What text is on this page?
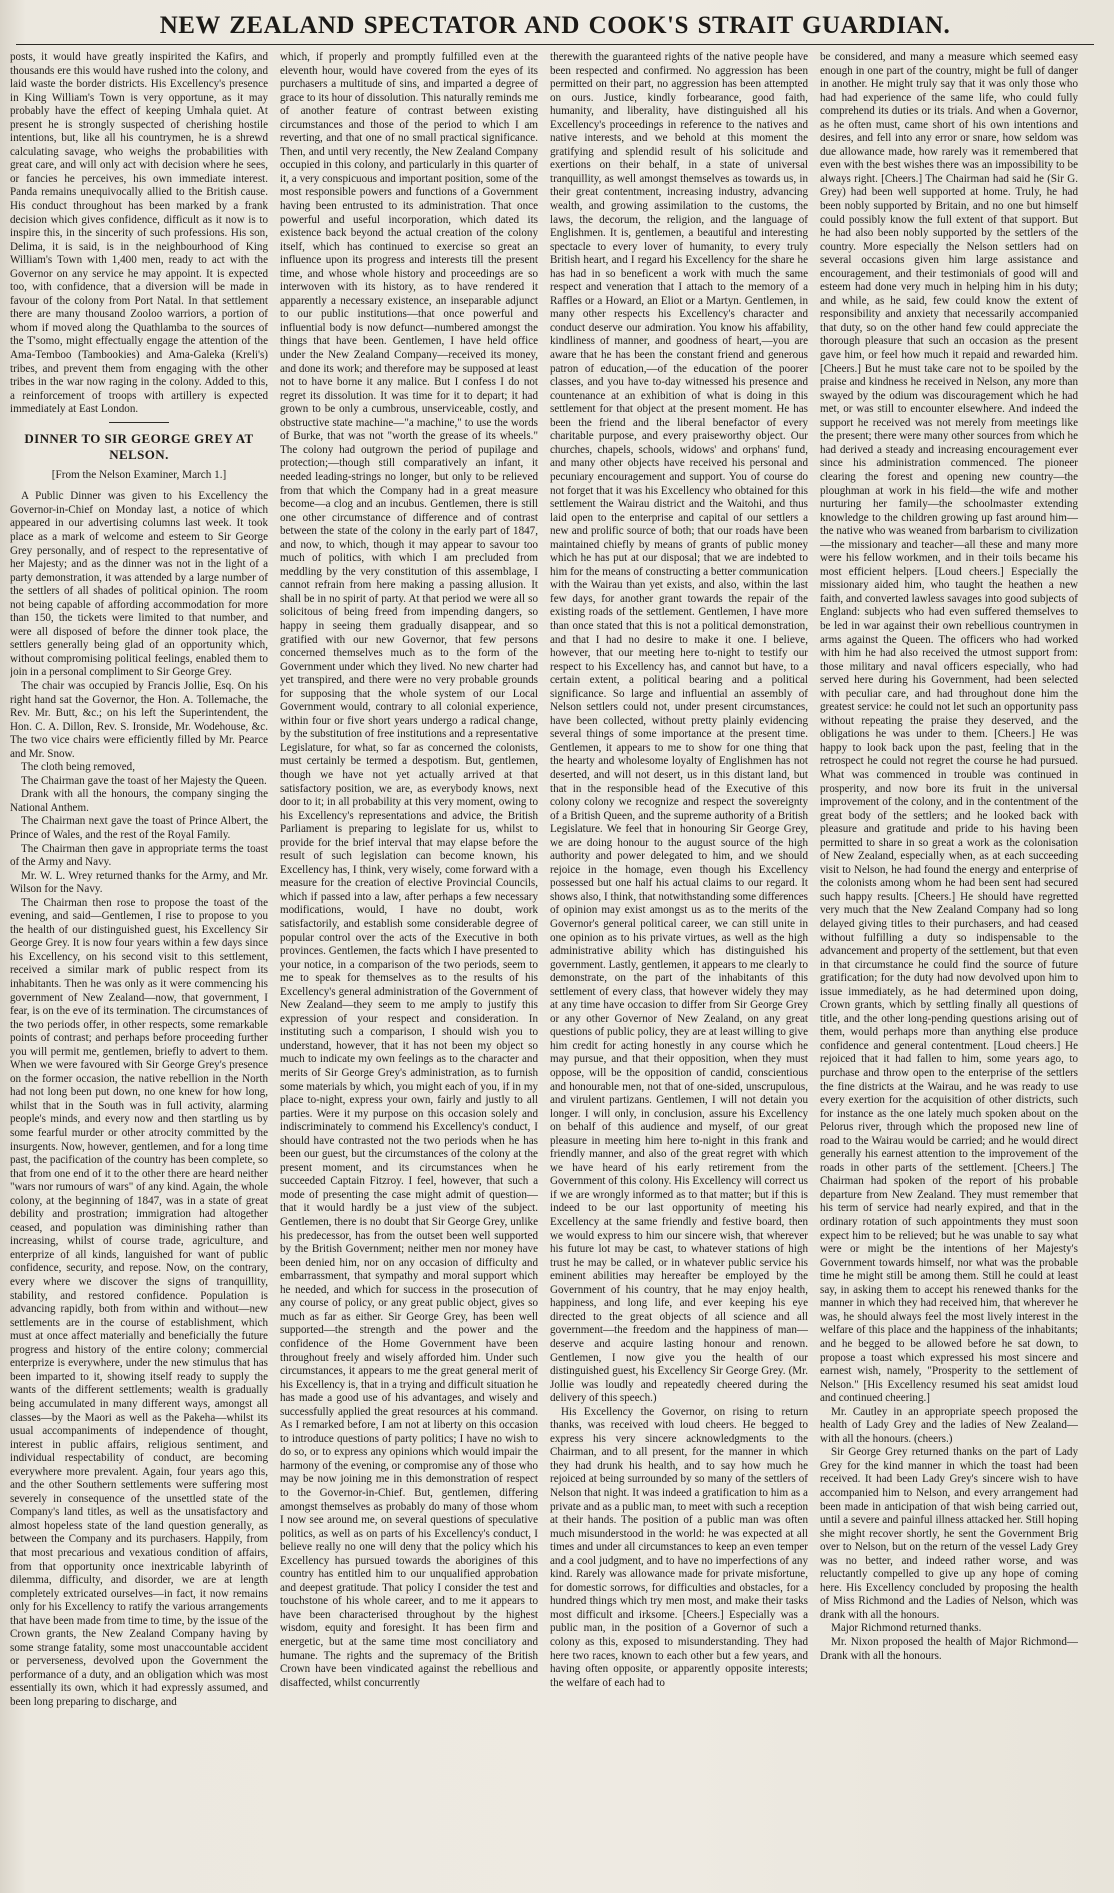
NEW ZEALAND SPECTATOR AND COOK'S STRAIT GUARDIAN.

posts, it would have greatly inspirited the Kafirs, and thousands ere this would have rushed into the colony, and laid waste the border districts. His Excellency's presence in King William's Town is very opportune, as it may probably have the effect of keeping Umhala quiet. At present he is strongly suspected of cherishing hostile intentions, but, like all his countrymen, he is a shrewd calculating savage, who weighs the probabilities with great care, and will only act with decision where he sees, or fancies he perceives, his own immediate interest. Panda remains unequivocally allied to the British cause. His conduct throughout has been marked by a frank decision which gives confidence, difficult as it now is to inspire this, in the sincerity of such professions. His son, Delima, it is said, is in the neighbourhood of King William's Town with 1,400 men, ready to act with the Governor on any service he may appoint. It is expected too, with confidence, that a diversion will be made in favour of the colony from Port Natal. In that settlement there are many thousand Zooloo warriors, a portion of whom if moved along the Quathlamba to the sources of the T'somo, might effectually engage the attention of the Ama-Temboo (Tambookies) and Ama-Galeka (Kreli's) tribes, and prevent them from engaging with the other tribes in the war now raging in the colony. Added to this, a reinforcement of troops with artillery is expected immediately at East London.

DINNER TO SIR GEORGE GREY AT NELSON.
[From the Nelson Examiner, March 1.]

A Public Dinner was given to his Excellency the Governor-in-Chief on Monday last, a notice of which appeared in our advertising columns last week. It took place as a mark of welcome and esteem to Sir George Grey personally, and of respect to the representative of her Majesty; and as the dinner was not in the light of a party demonstration, it was attended by a large number of the settlers of all shades of political opinion. The room not being capable of affording accommodation for more than 150, the tickets were limited to that number, and were all disposed of before the dinner took place, the settlers generally being glad of an opportunity which, without compromising political feelings, enabled them to join in a personal compliment to Sir George Grey.

The chair was occupied by Francis Jollie, Esq. On his right hand sat the Governor, the Hon. A. Tollemache, the Rev. Mr. Butt, &c.; on his left the Superintendent, the Hon. C. A. Dillon, Rev. S. Ironside, Mr. Wodehouse, &c. The two vice chairs were efficiently filled by Mr. Pearce and Mr. Snow.

The cloth being removed,

The Chairman gave the toast of her Majesty the Queen.

Drank with all the honours, the company singing the National Anthem.

The Chairman next gave the toast of Prince Albert, the Prince of Wales, and the rest of the Royal Family.

The Chairman then gave in appropriate terms the toast of the Army and Navy.

Mr. W. L. Wrey returned thanks for the Army, and Mr. Wilson for the Navy.

The Chairman then rose to propose the toast of the evening, and said—Gentlemen, I rise to propose to you the health of our distinguished guest, his Excellency Sir George Grey. It is now four years within a few days since his Excellency, on his second visit to this settlement, received a similar mark of public respect from its inhabitants. Then he was only as it were commencing his government of New Zealand—now, that government, I fear, is on the eve of its termination. The circumstances of the two periods offer, in other respects, some remarkable points of contrast; and perhaps before proceeding further you will permit me, gentlemen, briefly to advert to them. When we were favoured with Sir George Grey's presence on the former occasion, the native rebellion in the North had not long been put down, no one knew for how long, whilst that in the South was in full activity, alarming people's minds, and every now and then startling us by some fearful murder or other atrocity committed by the insurgents. Now, however, gentlemen, and for a long time past, the pacification of the country has been complete, so that from one end of it to the other there are heard neither "wars nor rumours of wars" of any kind. Again, the whole colony, at the beginning of 1847, was in a state of great debility and prostration; immigration had altogether ceased, and population was diminishing rather than increasing, whilst of course trade, agriculture, and enterprize of all kinds, languished for want of public confidence, security, and repose. Now, on the contrary, every where we discover the signs of tranquillity, stability, and restored confidence. Population is advancing rapidly, both from within and without—new settlements are in the course of establishment, which must at once affect materially and beneficially the future progress and history of the entire colony; commercial enterprize is everywhere, under the new stimulus that has been imparted to it, showing itself ready to supply the wants of the different settlements; wealth is gradually being accumulated in many different ways, amongst all classes—by the Maori as well as the Pakeha—whilst its usual accompaniments of independence of thought, interest in public affairs, religious sentiment, and individual respectability of conduct, are becoming everywhere more prevalent. Again, four years ago this, and the other Southern settlements were suffering most severely in consequence of the unsettled state of the Company's land titles, as well as the unsatisfactory and almost hopeless state of the land question generally, as between the Company and its purchasers. Happily, from that most precarious and vexatious condition of affairs, from that opportunity once inextricable labyrinth of dilemma, difficulty, and disorder, we are at length completely extricated ourselves—in fact, it now remains only for his Excellency to ratify the various arrangements that have been made from time to time, by the issue of the Crown grants, the New Zealand Company having by some strange fatality, some most unaccountable accident or perverseness, devolved upon the Government the performance of a duty, and an obligation which was most essentially its own, which it had expressly assumed, and been long preparing to discharge, and

which, if properly and promptly fulfilled even at the eleventh hour, would have covered from the eyes of its purchasers a multitude of sins, and imparted a degree of grace to its hour of dissolution. This naturally reminds me of another feature of contrast between existing circumstances and those of the period to which I am reverting, and that one of no small practical significance. Then, and until very recently, the New Zealand Company occupied in this colony, and particularly in this quarter of it, a very conspicuous and important position, some of the most responsible powers and functions of a Government having been entrusted to its administration. That once powerful and useful incorporation, which dated its existence back beyond the actual creation of the colony itself, which has continued to exercise so great an influence upon its progress and interests till the present time, and whose whole history and proceedings are so interwoven with its history, as to have rendered it apparently a necessary existence, an inseparable adjunct to our public institutions—that once powerful and influential body is now defunct—numbered amongst the things that have been. Gentlemen, I have held office under the New Zealand Company—received its money, and done its work; and therefore may be supposed at least not to have borne it any malice. But I confess I do not regret its dissolution. It was time for it to depart; it had grown to be only a cumbrous, unserviceable, costly, and obstructive state machine—"a machine," to use the words of Burke, that was not "worth the grease of its wheels." The colony had outgrown the period of pupilage and protection;—though still comparatively an infant, it needed leading-strings no longer, but only to be relieved from that which the Company had in a great measure become—a clog and an incubus. Gentlemen, there is still one other circumstance of difference and of contrast between the state of the colony in the early part of 1847, and now, to which, though it may appear to savour too much of politics, with which I am precluded from meddling by the very constitution of this assemblage, I cannot refrain from here making a passing allusion. It shall be in no spirit of party. At that period we were all so solicitous of being freed from impending dangers, so happy in seeing them gradually disappear, and so gratified with our new Governor, that few persons concerned themselves much as to the form of the Government under which they lived. No new charter had yet transpired, and there were no very probable grounds for supposing that the whole system of our Local Government would, contrary to all colonial experience, within four or five short years undergo a radical change, by the substitution of free institutions and a representative Legislature, for what, so far as concerned the colonists, must certainly be termed a despotism. But, gentlemen, though we have not yet actually arrived at that satisfactory position, we are, as everybody knows, next door to it; in all probability at this very moment, owing to his Excellency's representations and advice, the British Parliament is preparing to legislate for us, whilst to provide for the brief interval that may elapse before the result of such legislation can become known, his Excellency has, I think, very wisely, come forward with a measure for the creation of elective Provincial Councils, which if passed into a law, after perhaps a few necessary modifications, would, I have no doubt, work satisfactorily, and establish some considerable degree of popular control over the acts of the Executive in both provinces. Gentlemen, the facts which I have presented to your notice, in a comparison of the two periods, seem to me to speak for themselves as to the results of his Excellency's general administration of the Government of New Zealand—they seem to me amply to justify this expression of your respect and consideration. In instituting such a comparison, I should wish you to understand, however, that it has not been my object so much to indicate my own feelings as to the character and merits of Sir George Grey's administration, as to furnish some materials by which, you might each of you, if in my place to-night, express your own, fairly and justly to all parties. Were it my purpose on this occasion solely and indiscriminately to commend his Excellency's conduct, I should have contrasted not the two periods when he has been our guest, but the circumstances of the colony at the present moment, and its circumstances when he succeeded Captain Fitzroy. I feel, however, that such a mode of presenting the case might admit of question—that it would hardly be a just view of the subject. Gentlemen, there is no doubt that Sir George Grey, unlike his predecessor, has from the outset been well supported by the British Government; neither men nor money have been denied him, nor on any occasion of difficulty and embarrassment, that sympathy and moral support which he needed, and which for success in the prosecution of any course of policy, or any great public object, gives so much as far as either. Sir George Grey, has been well supported—the strength and the power and the confidence of the Home Government have been throughout freely and wisely afforded him. Under such circumstances, it appears to me the great general merit of his Excellency is, that in a trying and difficult situation he has made a good use of his advantages, and wisely and successfully applied the great resources at his command. As I remarked before, I am not at liberty on this occasion to introduce questions of party politics; I have no wish to do so, or to express any opinions which would impair the harmony of the evening, or compromise any of those who may be now joining me in this demonstration of respect to the Governor-in-Chief. But, gentlemen, differing amongst themselves as probably do many of those whom I now see around me, on several questions of speculative politics, as well as on parts of his Excellency's conduct, I believe really no one will deny that the policy which his Excellency has pursued towards the aborigines of this country has entitled him to our unqualified approbation and deepest gratitude. That policy I consider the test and touchstone of his whole career, and to me it appears to have been characterised throughout by the highest wisdom, equity and foresight. It has been firm and energetic, but at the same time most conciliatory and humane. The rights and the supremacy of the British Crown have been vindicated against the rebellious and disaffected, whilst concurrently

therewith the guaranteed rights of the native people have been respected and confirmed. No aggression has been permitted on their part, no aggression has been attempted on ours. Justice, kindly forbearance, good faith, humanity, and liberality, have distinguished all his Excellency's proceedings in reference to the natives and native interests, and we behold at this moment the gratifying and splendid result of his solicitude and exertions on their behalf, in a state of universal tranquillity, as well amongst themselves as towards us, in their great contentment, increasing industry, advancing wealth, and growing assimilation to the customs, the laws, the decorum, the religion, and the language of Englishmen. It is, gentlemen, a beautiful and interesting spectacle to every lover of humanity, to every truly British heart, and I regard his Excellency for the share he has had in so beneficent a work with much the same respect and veneration that I attach to the memory of a Raffles or a Howard, an Eliot or a Martyn. Gentlemen, in many other respects his Excellency's character and conduct deserve our admiration. You know his affability, kindliness of manner, and goodness of heart,—you are aware that he has been the constant friend and generous patron of education,—of the education of the poorer classes, and you have to-day witnessed his presence and countenance at an exhibition of what is doing in this settlement for that object at the present moment. He has been the friend and the liberal benefactor of every charitable purpose, and every praiseworthy object. Our churches, chapels, schools, widows' and orphans' fund, and many other objects have received his personal and pecuniary encouragement and support. You of course do not forget that it was his Excellency who obtained for this settlement the Wairau district and the Waitohi, and thus laid open to the enterprise and capital of our settlers a new and prolific source of both; that our roads have been maintained chiefly by means of grants of public money which he has put at our disposal; that we are indebted to him for the means of constructing a better communication with the Wairau than yet exists, and also, within the last few days, for another grant towards the repair of the existing roads of the settlement. Gentlemen, I have more than once stated that this is not a political demonstration, and that I had no desire to make it one. I believe, however, that our meeting here to-night to testify our respect to his Excellency has, and cannot but have, to a certain extent, a political bearing and a political significance. So large and influential an assembly of Nelson settlers could not, under present circumstances, have been collected, without pretty plainly evidencing several things of some importance at the present time. Gentlemen, it appears to me to show for one thing that the hearty and wholesome loyalty of Englishmen has not deserted, and will not desert, us in this distant land, but that in the responsible head of the Executive of this colony colony we recognize and respect the sovereignty of a British Queen, and the supreme authority of a British Legislature. We feel that in honouring Sir George Grey, we are doing honour to the august source of the high authority and power delegated to him, and we should rejoice in the homage, even though his Excellency possessed but one half his actual claims to our regard. It shows also, I think, that notwithstanding some differences of opinion may exist amongst us as to the merits of the Governor's general political career, we can still unite in one opinion as to his private virtues, as well as the high administrative ability which has distinguished his government. Lastly, gentlemen, it appears to me clearly to demonstrate, on the part of the inhabitants of this settlement of every class, that however widely they may at any time have occasion to differ from Sir George Grey or any other Governor of New Zealand, on any great questions of public policy, they are at least willing to give him credit for acting honestly in any course which he may pursue, and that their opposition, when they must oppose, will be the opposition of candid, conscientious and honourable men, not that of one-sided, unscrupulous, and virulent partizans. Gentlemen, I will not detain you longer. I will only, in conclusion, assure his Excellency on behalf of this audience and myself, of our great pleasure in meeting him here to-night in this frank and friendly manner, and also of the great regret with which we have heard of his early retirement from the Government of this colony. His Excellency will correct us if we are wrongly informed as to that matter; but if this is indeed to be our last opportunity of meeting his Excellency at the same friendly and festive board, then we would express to him our sincere wish, that wherever his future lot may be cast, to whatever stations of high trust he may be called, or in whatever public service his eminent abilities may hereafter be employed by the Government of his country, that he may enjoy health, happiness, and long life, and ever keeping his eye directed to the great objects of all science and all government—the freedom and the happiness of man—deserve and acquire lasting honour and renown. Gentlemen, I now give you the health of our distinguished guest, his Excellency Sir George Grey. (Mr. Jollie was loudly and repeatedly cheered during the delivery of this speech.)

His Excellency the Governor, on rising to return thanks, was received with loud cheers. He begged to express his very sincere acknowledgments to the Chairman, and to all present, for the manner in which they had drunk his health, and to say how much he rejoiced at being surrounded by so many of the settlers of Nelson that night. It was indeed a gratification to him as a private and as a public man, to meet with such a reception at their hands. The position of a public man was often much misunderstood in the world: he was expected at all times and under all circumstances to keep an even temper and a cool judgment, and to have no imperfections of any kind. Rarely was allowance made for private misfortune, for domestic sorrows, for difficulties and obstacles, for a hundred things which try men most, and make their tasks most difficult and irksome. [Cheers.] Especially was a public man, in the position of a Governor of such a colony as this, exposed to misunderstanding. They had here two races, known to each other but a few years, and having often opposite, or apparently opposite interests; the welfare of each had to

be considered, and many a measure which seemed easy enough in one part of the country, might be full of danger in another. He might truly say that it was only those who had had experience of the same life, who could fully comprehend its duties or its trials. And when a Governor, as he often must, came short of his own intentions and desires, and fell into any error or snare, how seldom was due allowance made, how rarely was it remembered that even with the best wishes there was an impossibility to be always right. [Cheers.] The Chairman had said he (Sir G. Grey) had been well supported at home. Truly, he had been nobly supported by Britain, and no one but himself could possibly know the full extent of that support. But he had also been nobly supported by the settlers of the country. More especially the Nelson settlers had on several occasions given him large assistance and encouragement, and their testimonials of good will and esteem had done very much in helping him in his duty; and while, as he said, few could know the extent of responsibility and anxiety that necessarily accompanied that duty, so on the other hand few could appreciate the thorough pleasure that such an occasion as the present gave him, or feel how much it repaid and rewarded him. [Cheers.] But he must take care not to be spoiled by the praise and kindness he received in Nelson, any more than swayed by the odium was discouragement which he had met, or was still to encounter elsewhere. And indeed the support he received was not merely from meetings like the present; there were many other sources from which he had derived a steady and increasing encouragement ever since his administration commenced. The pioneer clearing the forest and opening new country—the ploughman at work in his field—the wife and mother nurturing her family—the schoolmaster extending knowledge to the children growing up fast around him—the native who was weaned from barbarism to civilization—the missionary and teacher—all these and many more were his fellow workmen, and in their toils became his most efficient helpers. [Loud cheers.] Especially the missionary aided him, who taught the heathen a new faith, and converted lawless savages into good subjects of England: subjects who had even suffered themselves to be led in war against their own rebellious countrymen in arms against the Queen. The officers who had worked with him he had also received the utmost support from: those military and naval officers especially, who had served here during his Government, had been selected with peculiar care, and had throughout done him the greatest service: he could not let such an opportunity pass without repeating the praise they deserved, and the obligations he was under to them. [Cheers.] He was happy to look back upon the past, feeling that in the retrospect he could not regret the course he had pursued. What was commenced in trouble was continued in prosperity, and now bore its fruit in the universal improvement of the colony, and in the contentment of the great body of the settlers; and he looked back with pleasure and gratitude and pride to his having been permitted to share in so great a work as the colonisation of New Zealand, especially when, as at each succeeding visit to Nelson, he had found the energy and enterprise of the colonists among whom he had been sent had secured such happy results. [Cheers.] He should have regretted very much that the New Zealand Company had so long delayed giving titles to their purchasers, and had ceased without fulfilling a duty so indispensable to the advancement and property of the settlement, but that even in that circumstance he could find the source of future gratification; for the duty had now devolved upon him to issue immediately, as he had determined upon doing, Crown grants, which by settling finally all questions of title, and the other long-pending questions arising out of them, would perhaps more than anything else produce confidence and general contentment. [Loud cheers.] He rejoiced that it had fallen to him, some years ago, to purchase and throw open to the enterprise of the settlers the fine districts at the Wairau, and he was ready to use every exertion for the acquisition of other districts, such for instance as the one lately much spoken about on the Pelorus river, through which the proposed new line of road to the Wairau would be carried; and he would direct generally his earnest attention to the improvement of the roads in other parts of the settlement. [Cheers.] The Chairman had spoken of the report of his probable departure from New Zealand. They must remember that his term of service had nearly expired, and that in the ordinary rotation of such appointments they must soon expect him to be relieved; but he was unable to say what were or might be the intentions of her Majesty's Government towards himself, nor what was the probable time he might still be among them. Still he could at least say, in asking them to accept his renewed thanks for the manner in which they had received him, that wherever he was, he should always feel the most lively interest in the welfare of this place and the happiness of the inhabitants; and he begged to be allowed before he sat down, to propose a toast which expressed his most sincere and earnest wish, namely, "Prosperity to the settlement of Nelson." [His Excellency resumed his seat amidst loud and continued cheering.]

Mr. Cautley in an appropriate speech proposed the health of Lady Grey and the ladies of New Zealand—with all the honours. (cheers.)

Sir George Grey returned thanks on the part of Lady Grey for the kind manner in which the toast had been received. It had been Lady Grey's sincere wish to have accompanied him to Nelson, and every arrangement had been made in anticipation of that wish being carried out, until a severe and painful illness attacked her. Still hoping she might recover shortly, he sent the Government Brig over to Nelson, but on the return of the vessel Lady Grey was no better, and indeed rather worse, and was reluctantly compelled to give up any hope of coming here. His Excellency concluded by proposing the health of Miss Richmond and the Ladies of Nelson, which was drank with all the honours.

Major Richmond returned thanks.

Mr. Nixon proposed the health of Major Richmond—Drank with all the honours.
